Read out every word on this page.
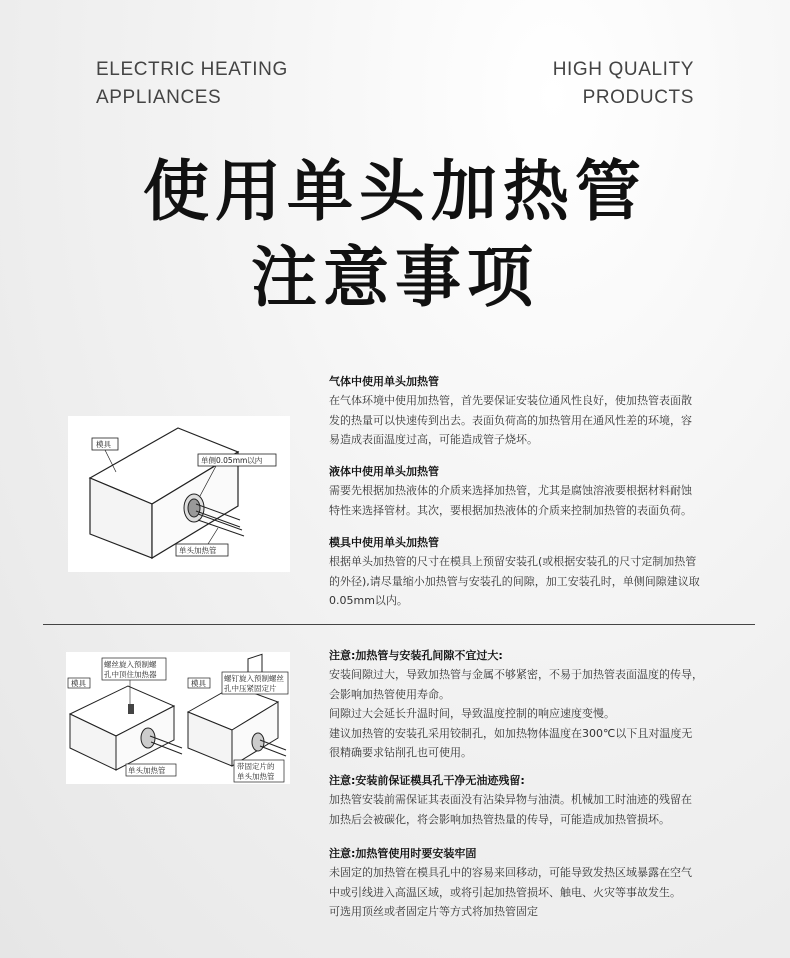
ELECTRIC HEATING
APPLIANCES
HIGH QUALITY
PRODUCTS
使用单头加热管
注意事项
模具
单侧0.05mm以内
单头加热管
气体中使用单头加热管

在气体环境中使用加热管，首先要保证安装位通风性良好，使加热管表面散

发的热量可以快速传到出去。表面负荷高的加热管用在通风性差的环境，容

易造成表面温度过高，可能造成管子烧坏。

液体中使用单头加热管

需要先根据加热液体的介质来选择加热管，尤其是腐蚀溶液要根据材料耐蚀

特性来选择管材。其次，要根据加热液体的介质来控制加热管的表面负荷。

模具中使用单头加热管

根据单头加热管的尺寸在模具上预留安装孔(或根据安装孔的尺寸定制加热管

的外径),请尽量缩小加热管与安装孔的间隙，加工安装孔时，单侧间隙建议取

0.05mm以内。

模具
螺丝旋入预制螺
孔中顶住加热器
单头加热管
模具
螺钉旋入预制螺丝
孔中压紧固定片
带固定片的
单头加热管
注意:加热管与安装孔间隙不宜过大:

安装间隙过大，导致加热管与金属不够紧密，不易于加热管表面温度的传导，

会影响加热管使用寿命。

间隙过大会延长升温时间，导致温度控制的响应速度变慢。

建议加热管的安装孔采用铰制孔，如加热物体温度在300℃以下且对温度无

很精确要求钻削孔也可使用。

注意:安装前保证模具孔干净无油迹残留:

加热管安装前需保证其表面没有沾染异物与油渍。机械加工时油迹的残留在

加热后会被碳化，将会影响加热管热量的传导，可能造成加热管损坏。

注意:加热管使用时要安装牢固

未固定的加热管在模具孔中的容易来回移动，可能导致发热区域暴露在空气

中或引线进入高温区域，或将引起加热管损坏、触电、火灾等事故发生。

可选用顶丝或者固定片等方式将加热管固定
